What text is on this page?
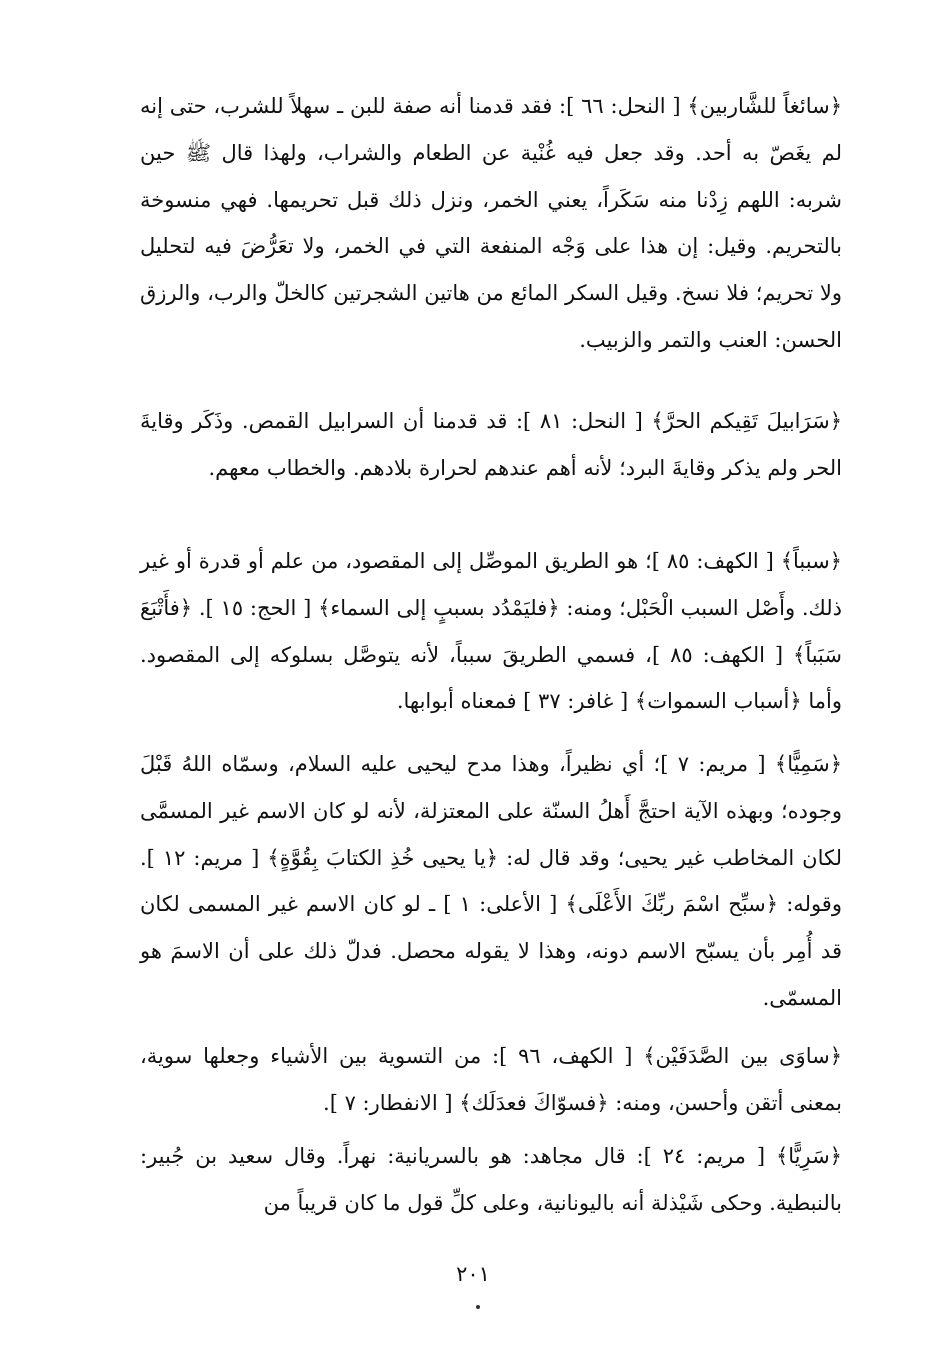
﴿سائغاً للشَّاربين﴾ [ النحل: ٦٦ ]: فقد قدمنا أنه صفة للبن ـ سهلاً للشرب، حتى إنه لم يغَصّ به أحد. وقد جعل فيه غُنْية عن الطعام والشراب، ولهذا قال ﷺ حين شربه: اللهم زِدْنا منه سَكَراً، يعني الخمر، ونزل ذلك قبل تحريمها. فهي منسوخة بالتحريم. وقيل: إن هذا على وَجْه المنفعة التي في الخمر، ولا تعَرُّضَ فيه لتحليل ولا تحريم؛ فلا نسخ. وقيل السكر المائع من هاتين الشجرتين كالخلّ والرب، والرزق الحسن: العنب والتمر والزبيب.

﴿سَرَابيلَ تَقِيكم الحرَّ﴾ [ النحل: ٨١ ]: قد قدمنا أن السرابيل القمص. وذَكَر وقايةَ الحر ولم يذكر وقايةَ البرد؛ لأنه أهم عندهم لحرارة بلادهم. والخطاب معهم.

﴿سبباً﴾ [ الكهف: ٨٥ ]؛ هو الطريق الموصِّل إلى المقصود، من علم أو قدرة أو غير ذلك. وأَصْل السبب الْحَبْل؛ ومنه: ﴿فليَمْدُد بسببٍ إلى السماء﴾ [ الحج: ١٥ ]. ﴿فأَتْبَعَ سَبَباً﴾ [ الكهف: ٨٥ ]، فسمي الطريقَ سبباً، لأنه يتوصَّل بسلوكه إلى المقصود. وأما ﴿أسباب السموات﴾ [ غافر: ٣٧ ] فمعناه أبوابها.

﴿سَمِيًّا﴾ [ مريم: ٧ ]؛ أي نظيراً، وهذا مدح ليحيى عليه السلام، وسمّاه اللهُ قَبْلَ وجوده؛ وبهذه الآية احتجَّ أَهلُ السنّة على المعتزلة، لأنه لو كان الاسم غير المسمَّى لكان المخاطب غير يحيى؛ وقد قال له: ﴿يا يحيى خُذِ الكتابَ بِقُوَّةٍ﴾ [ مريم: ١٢ ]. وقوله: ﴿سبِّح اسْمَ ربِّكَ الأَعْلَى﴾ [ الأعلى: ١ ] ـ لو كان الاسم غير المسمى لكان قد أُمِر بأن يسبّح الاسم دونه، وهذا لا يقوله محصل. فدلّ ذلك على أن الاسمَ هو المسمّى.

﴿ساوَى بين الصَّدَفَيْن﴾ [ الكهف، ٩٦ ]: من التسوية بين الأشياء وجعلها سوية، بمعنى أتقن وأحسن، ومنه: ﴿فسوّاكَ فعدَلَك﴾ [ الانفطار: ٧ ].

﴿سَرِيًّا﴾ [ مريم: ٢٤ ]: قال مجاهد: هو بالسريانية: نهراً. وقال سعيد بن جُبير: بالنبطية. وحكى شَيْذلة أنه باليونانية، وعلى كلِّ قول ما كان قريباً من

٢٠١
